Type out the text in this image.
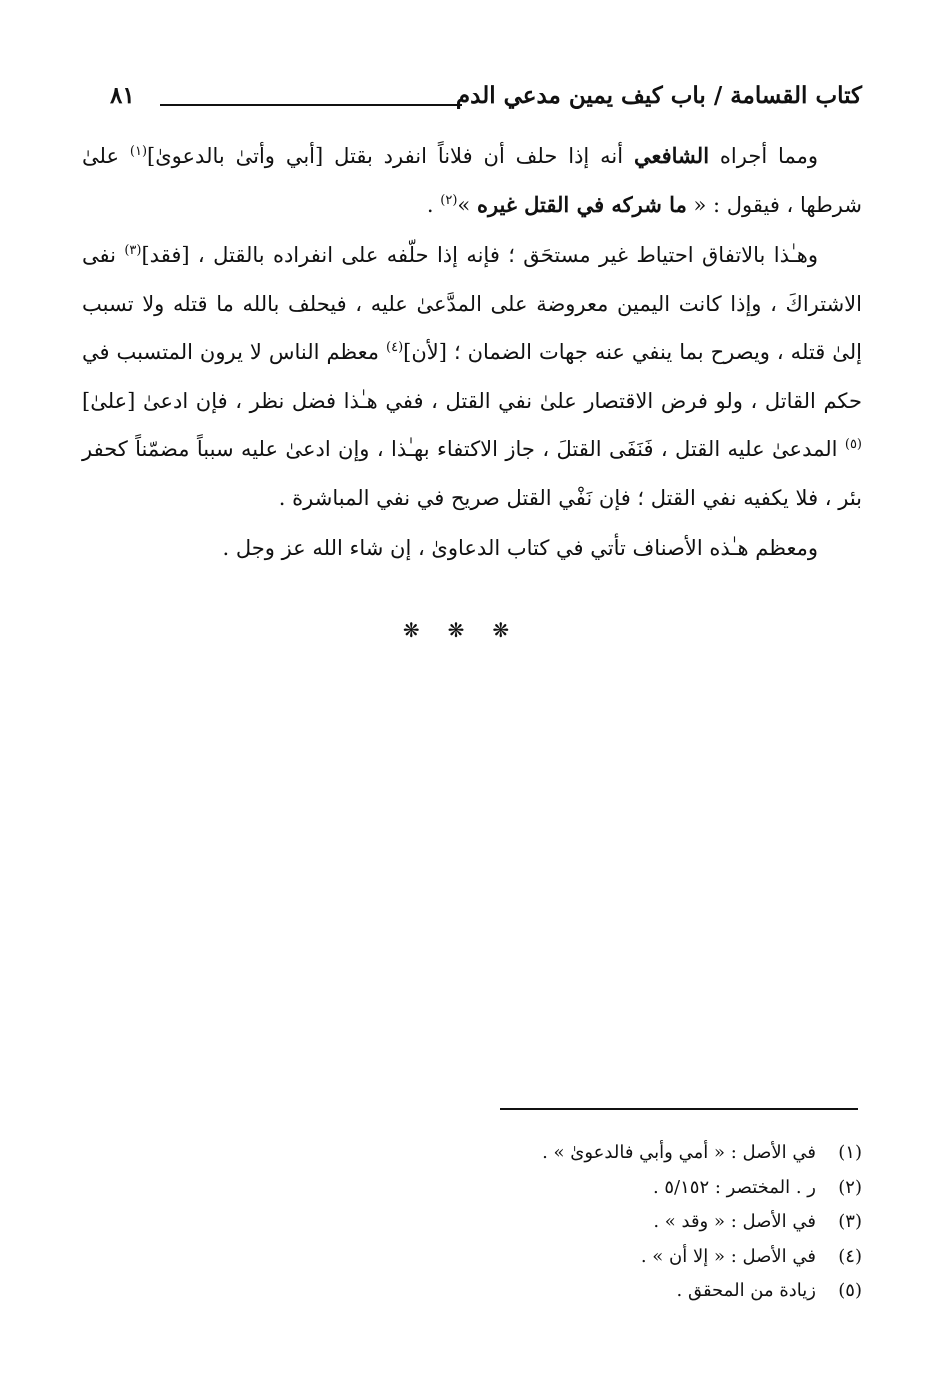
كتاب القسامة / باب كيف يمين مدعي الدم
٨١

ومما أجراه الشافعي أنه إذا حلف أن فلاناً انفرد بقتل [أبي وأتىٰ بالدعوىٰ]$^{(١)}$ علىٰ شرطها ، فيقول : « ما شركه في القتل غيره »$^{(٢)}$ .

وهـٰذا بالاتفاق احتياط غير مستحَق ؛ فإنه إذا حلّفه على انفراده بالقتل ، [فقد]$^{(٣)}$ نفى الاشتراكَ ، وإذا كانت اليمين معروضة على المدَّعىٰ عليه ، فيحلف بالله ما قتله ولا تسبب إلىٰ قتله ، ويصرح بما ينفي عنه جهات الضمان ؛ [لأن]$^{(٤)}$ معظم الناس لا يرون المتسبب في حكم القاتل ، ولو فرض الاقتصار علىٰ نفي القتل ، ففي هـٰذا فضل نظر ، فإن ادعىٰ [علىٰ]$^{(٥)}$ المدعىٰ عليه القتل ، فَنَفَى القتلَ ، جاز الاكتفاء بهـٰذا ، وإن ادعىٰ عليه سبباً مضمّناً كحفر بئر ، فلا يكفيه نفي القتل ؛ فإن نَفْي القتل صريح في نفي المباشرة .

ومعظم هـٰذه الأصناف تأتي في كتاب الدعاوىٰ ، إن شاء الله عز وجل .

❋❋❋
(١)في الأصل : « أمي وأبي فالدعوىٰ » .
(٢)ر . المختصر : ٥/١٥٢ .
(٣)في الأصل : « وقد » .
(٤)في الأصل : « إلا أن » .
(٥)زيادة من المحقق .
